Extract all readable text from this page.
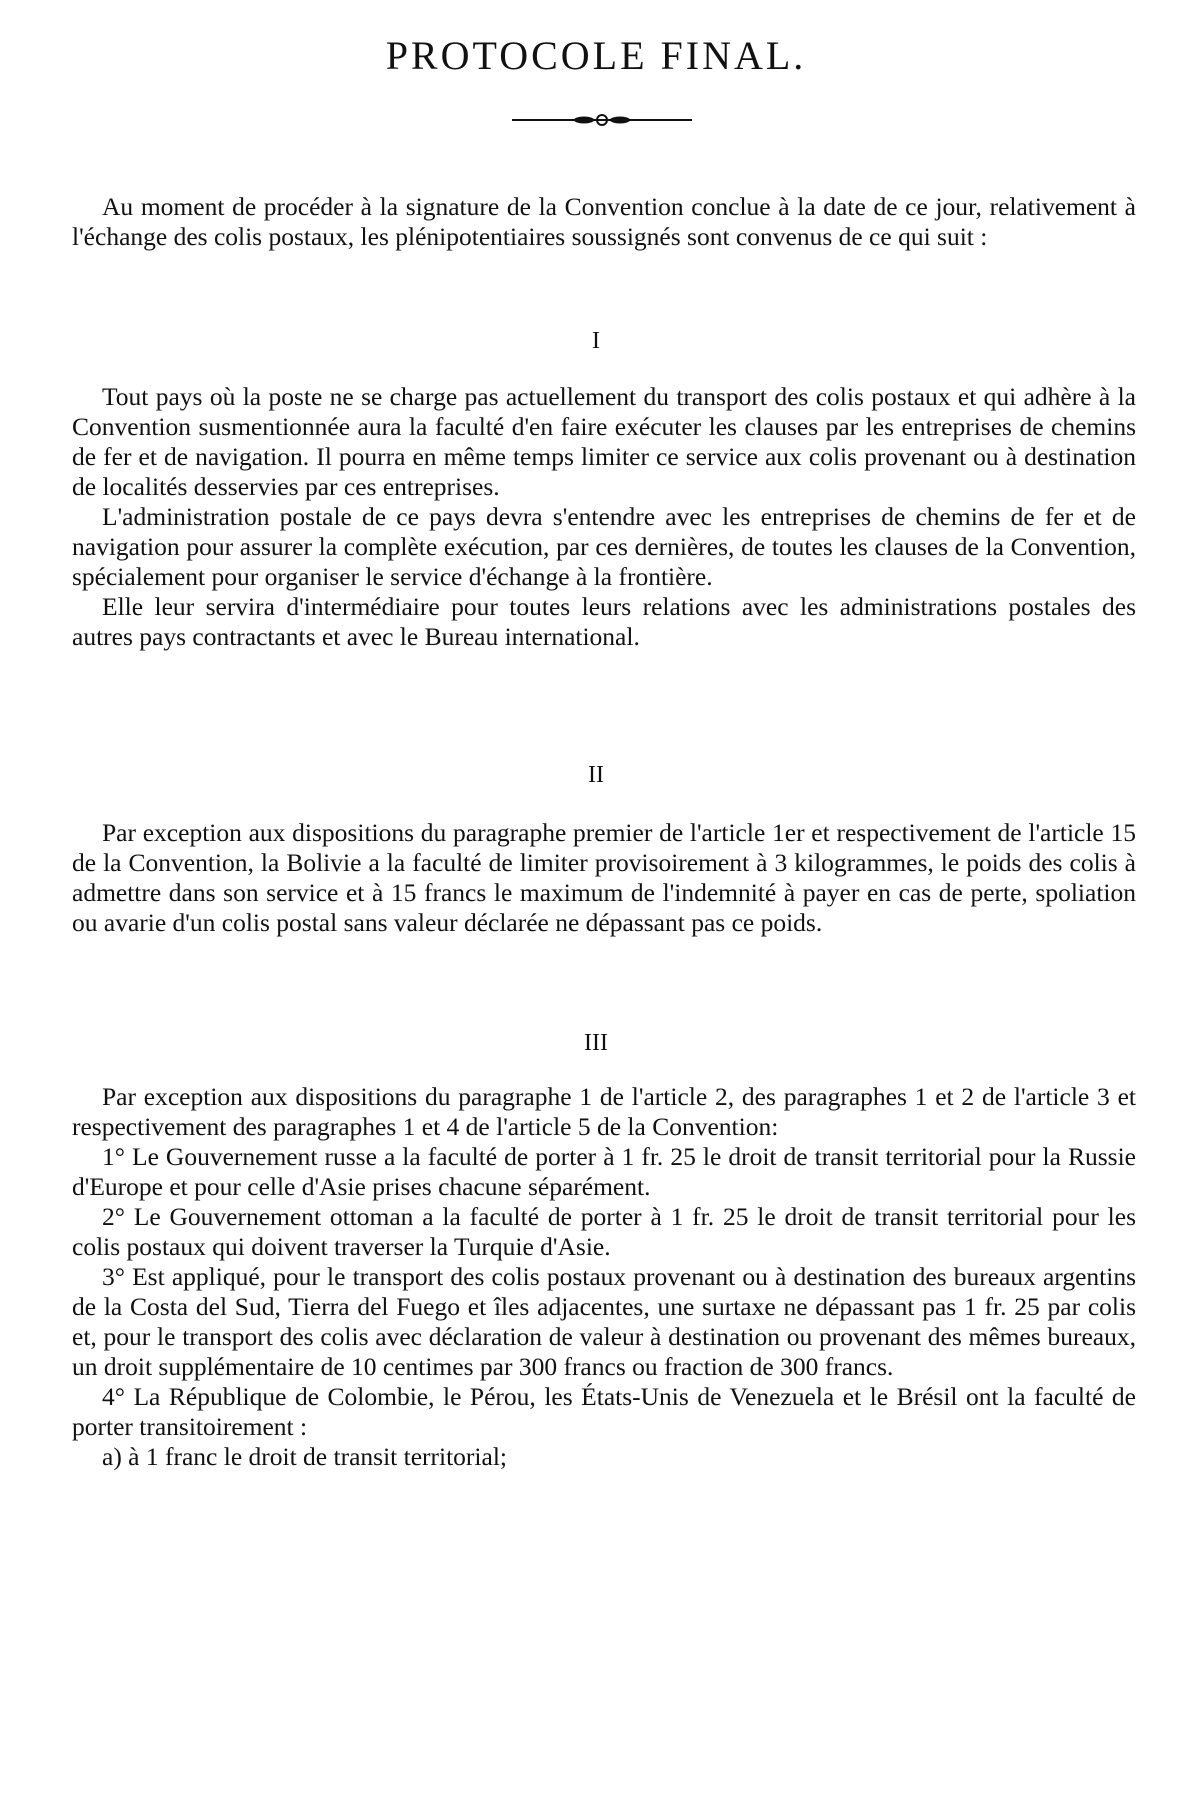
PROTOCOLE FINAL.

Au moment de procéder à la signature de la Convention conclue à la date de ce jour, relativement à l'échange des colis postaux, les plénipotentiaires soussignés sont convenus de ce qui suit :

I

Tout pays où la poste ne se charge pas actuellement du transport des colis postaux et qui adhère à la Convention susmentionnée aura la faculté d'en faire exécuter les clauses par les entreprises de chemins de fer et de navigation. Il pourra en même temps limiter ce service aux colis provenant ou à destination de localités desservies par ces entreprises.

L'administration postale de ce pays devra s'entendre avec les entreprises de chemins de fer et de navigation pour assurer la complète exécution, par ces dernières, de toutes les clauses de la Convention, spécialement pour organiser le service d'échange à la frontière.

Elle leur servira d'intermédiaire pour toutes leurs relations avec les administrations postales des autres pays contractants et avec le Bureau international.

II

Par exception aux dispositions du paragraphe premier de l'article 1er et respectivement de l'article 15 de la Convention, la Bolivie a la faculté de limiter provisoirement à 3 kilogrammes, le poids des colis à admettre dans son service et à 15 francs le maximum de l'indemnité à payer en cas de perte, spoliation ou avarie d'un colis postal sans valeur déclarée ne dépassant pas ce poids.

III

Par exception aux dispositions du paragraphe 1 de l'article 2, des paragraphes 1 et 2 de l'article 3 et respectivement des paragraphes 1 et 4 de l'article 5 de la Convention:

1° Le Gouvernement russe a la faculté de porter à 1 fr. 25 le droit de transit territorial pour la Russie d'Europe et pour celle d'Asie prises chacune séparément.

2° Le Gouvernement ottoman a la faculté de porter à 1 fr. 25 le droit de transit territorial pour les colis postaux qui doivent traverser la Turquie d'Asie.

3° Est appliqué, pour le transport des colis postaux provenant ou à destination des bureaux argentins de la Costa del Sud, Tierra del Fuego et îles adjacentes, une surtaxe ne dépassant pas 1 fr. 25 par colis et, pour le transport des colis avec déclaration de valeur à destination ou provenant des mêmes bureaux, un droit supplémentaire de 10 centimes par 300 francs ou fraction de 300 francs.

4° La République de Colombie, le Pérou, les États-Unis de Venezuela et le Brésil ont la faculté de porter transitoirement :

a) à 1 franc le droit de transit territorial;
